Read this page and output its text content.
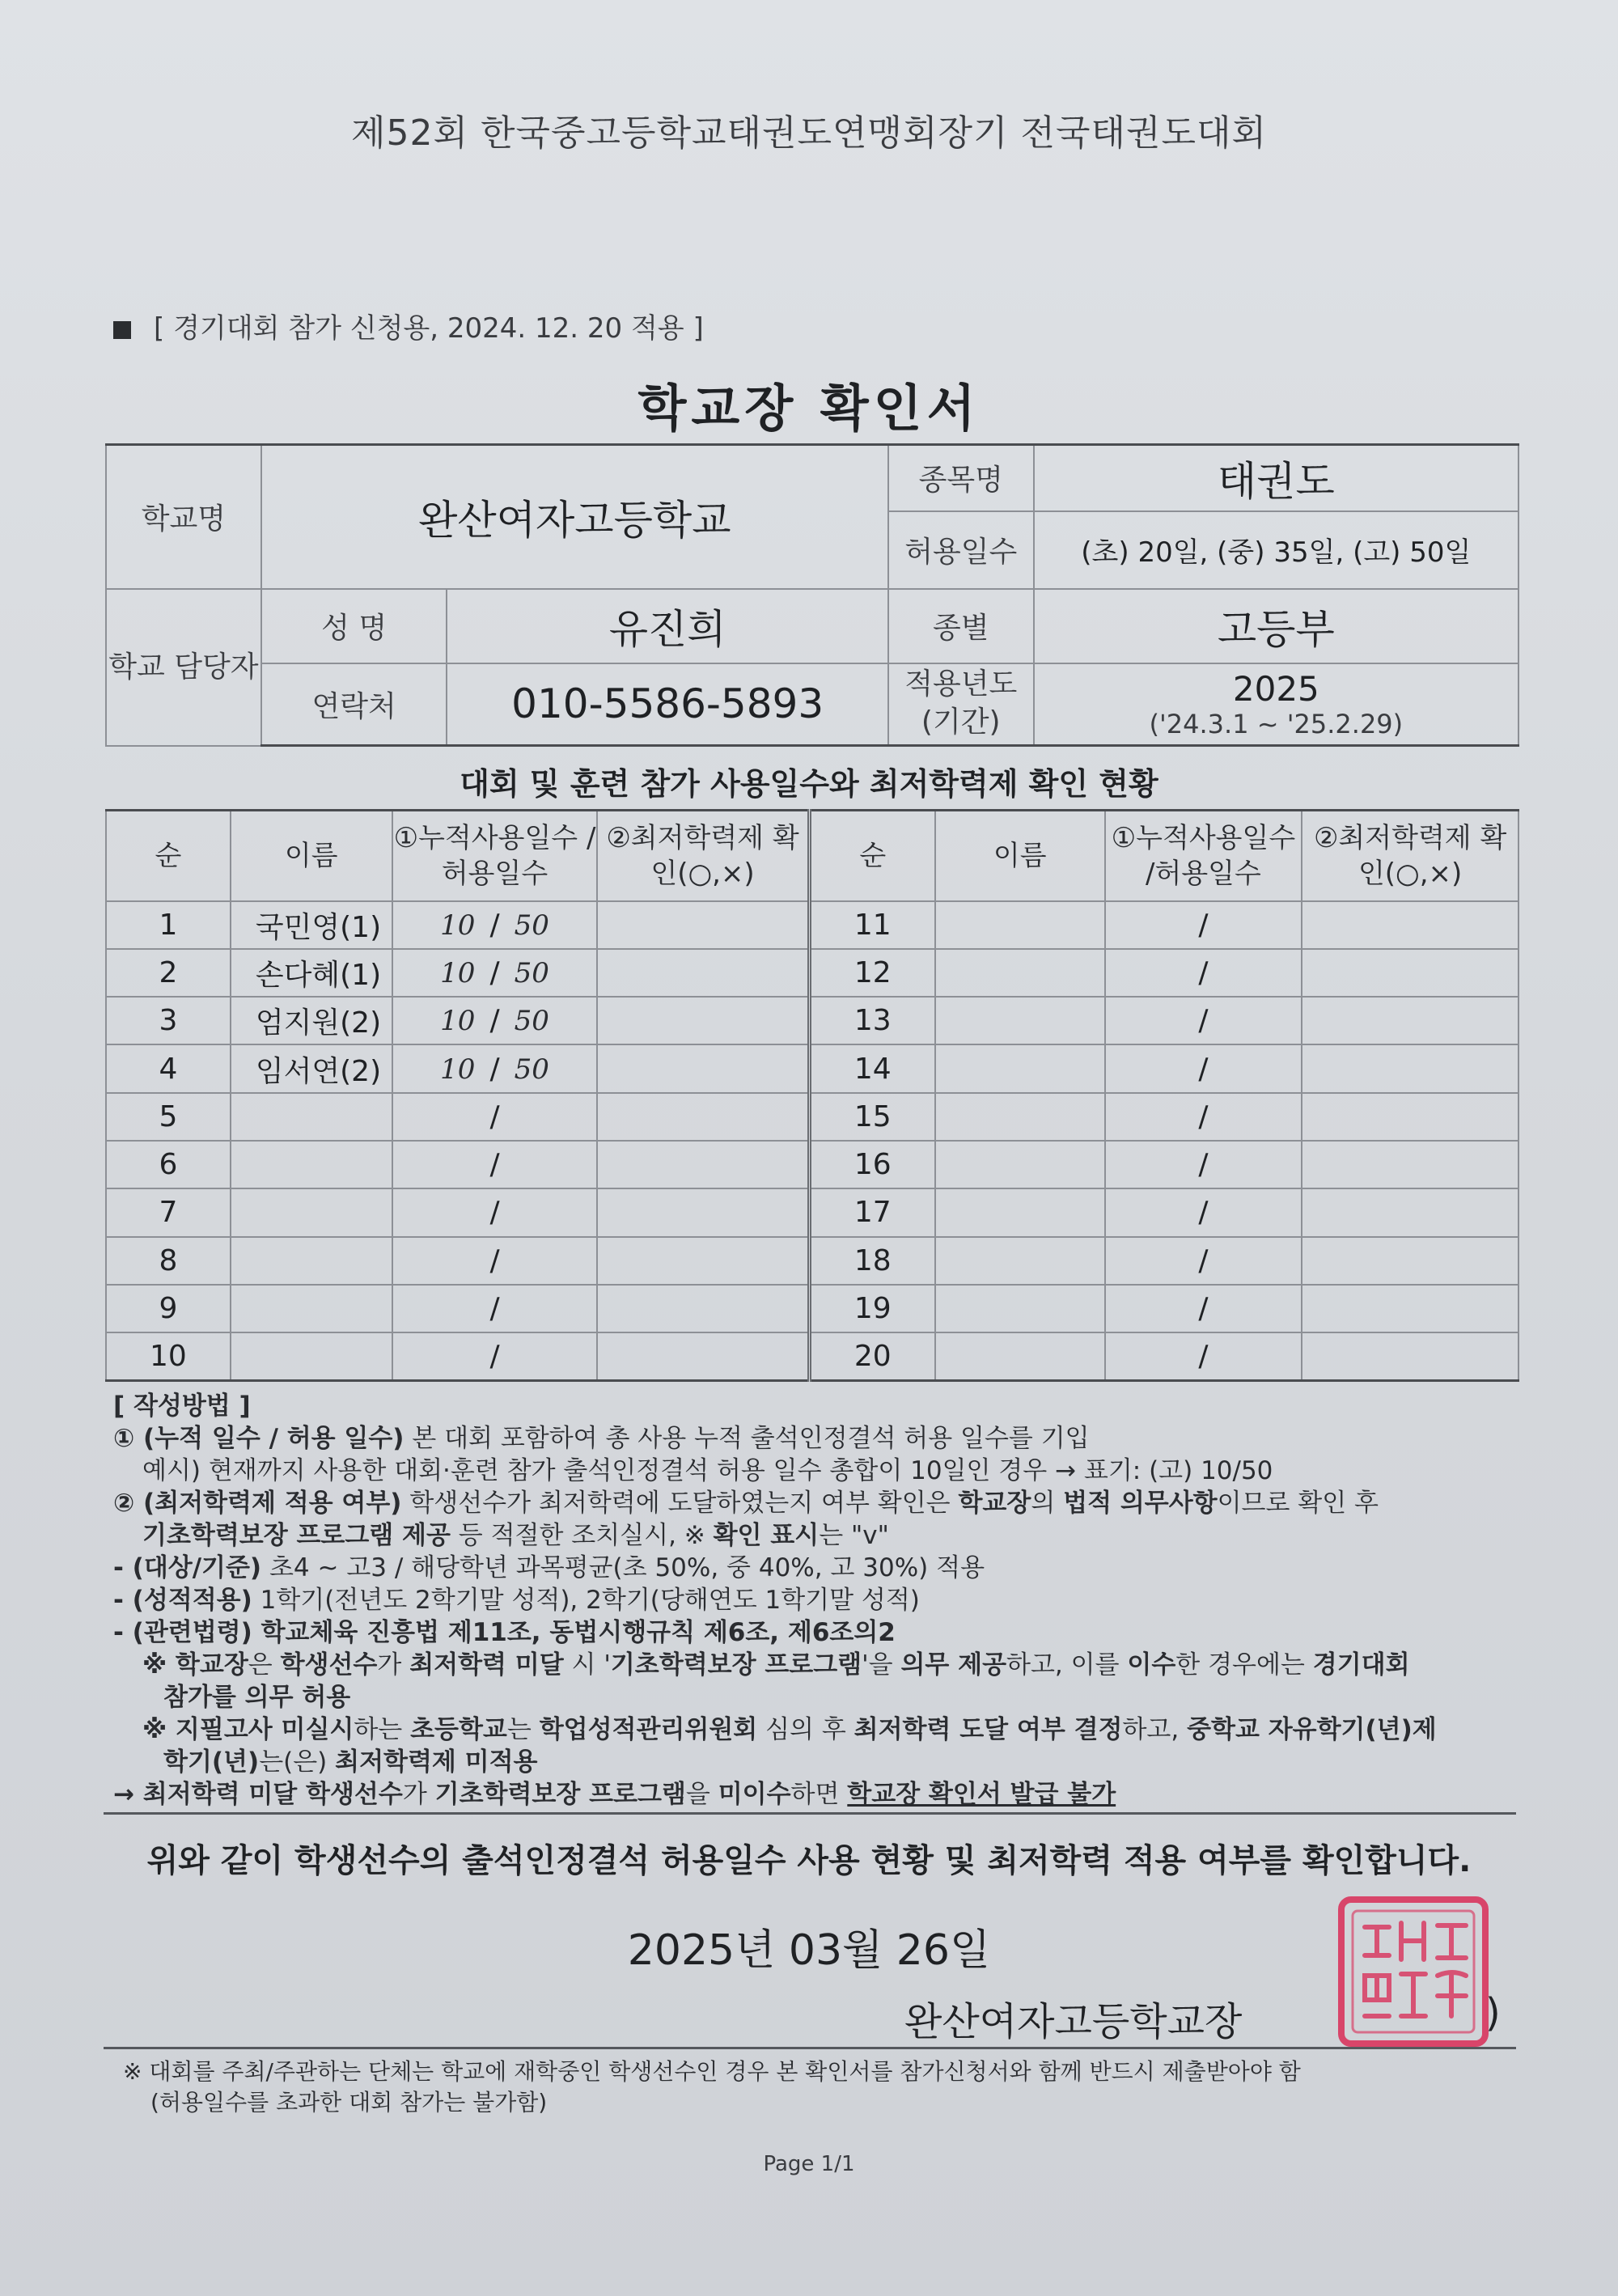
제52회 한국중고등학교태권도연맹회장기 전국태권도대회
[ 경기대회 참가 신청용, 2024. 12. 20 적용 ]
학교장 확인서
학교명	완산여자고등학교		종목명	태권도
			허용일수	(초) 20일, (중) 35일, (고) 50일
학교 담당자	성 명	유진희	종별	고등부
	연락처	010-5586-5893	적용년도 (기간)	2025
('24.3.1 ~ '25.2.29)
대회 및 훈련 참가 사용일수와 최저학력제 확인 현황
순	이름	①누적사용일수 /허용일수	②최저학력제 확인(○,×)	순	이름	①누적사용일수 /허용일수	②최저학력제 확인(○,×)
1	국민영(1)	10 / 50		11		/	
2	손다혜(1)	10 / 50		12		/	
3	엄지원(2)	10 / 50		13		/	
4	임서연(2)	10 / 50		14		/	
5		/		15		/	
6		/		16		/	
7		/		17		/	
8		/		18		/	
9		/		19		/	
10		/		20		/	
[ 작성방법 ]
① (누적 일수 / 허용 일수) 본 대회 포함하여 총 사용 누적 출석인정결석 허용 일수를 기입
예시) 현재까지 사용한 대회·훈련 참가 출석인정결석 허용 일수 총합이 10일인 경우 → 표기: (고) 10/50
② (최저학력제 적용 여부) 학생선수가 최저학력에 도달하였는지 여부 확인은 학교장의 법적 의무사항이므로 확인 후
기초학력보장 프로그램 제공 등 적절한 조치실시, ※ 확인 표시는 "v"
- (대상/기준) 초4 ~ 고3 / 해당학년 과목평균(초 50%, 중 40%, 고 30%) 적용
- (성적적용) 1학기(전년도 2학기말 성적), 2학기(당해연도 1학기말 성적)
- (관련법령) 학교체육 진흥법 제11조, 동법시행규칙 제6조, 제6조의2
※ 학교장은 학생선수가 최저학력 미달 시 '기초학력보장 프로그램'을 의무 제공하고, 이를 이수한 경우에는 경기대회
참가를 의무 허용
※ 지필고사 미실시하는 초등학교는 학업성적관리위원회 심의 후 최저학력 도달 여부 결정하고, 중학교 자유학기(년)제
학기(년)는(은) 최저학력제 미적용
→ 최저학력 미달 학생선수가 기초학력보장 프로그램을 미이수하면 학교장 확인서 발급 불가
위와 같이 학생선수의 출석인정결석 허용일수 사용 현황 및 최저학력 적용 여부를 확인합니다.
2025년 03월 26일
완산여자고등학교장	)
※ 대회를 주최/주관하는 단체는 학교에 재학중인 학생선수인 경우 본 확인서를 참가신청서와 함께 반드시 제출받아야 함
(허용일수를 초과한 대회 참가는 불가함)
Page 1/1
